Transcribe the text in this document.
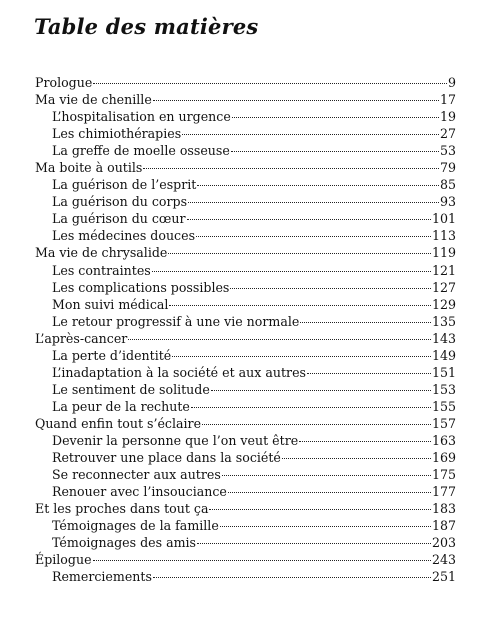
Table des matières
Prologue	9
Ma vie de chenille	17
L’hospitalisation en urgence	19
Les chimiothérapies	27
La greffe de moelle osseuse	53
Ma boite à outils	79
La guérison de l’esprit	85
La guérison du corps	93
La guérison du cœur	101
Les médecines douces	113
Ma vie de chrysalide	119
Les contraintes	121
Les complications possibles	127
Mon suivi médical	129
Le retour progressif à une vie normale	135
L’après-cancer	143
La perte d’identité	149
L’inadaptation à la société et aux autres	151
Le sentiment de solitude	153
La peur de la rechute	155
Quand enfin tout s’éclaire	157
Devenir la personne que l’on veut être	163
Retrouver une place dans la société	169
Se reconnecter aux autres	175
Renouer avec l’insouciance	177
Et les proches dans tout ça	183
Témoignages de la famille	187
Témoignages des amis	203
Épilogue	243
Remerciements	251
